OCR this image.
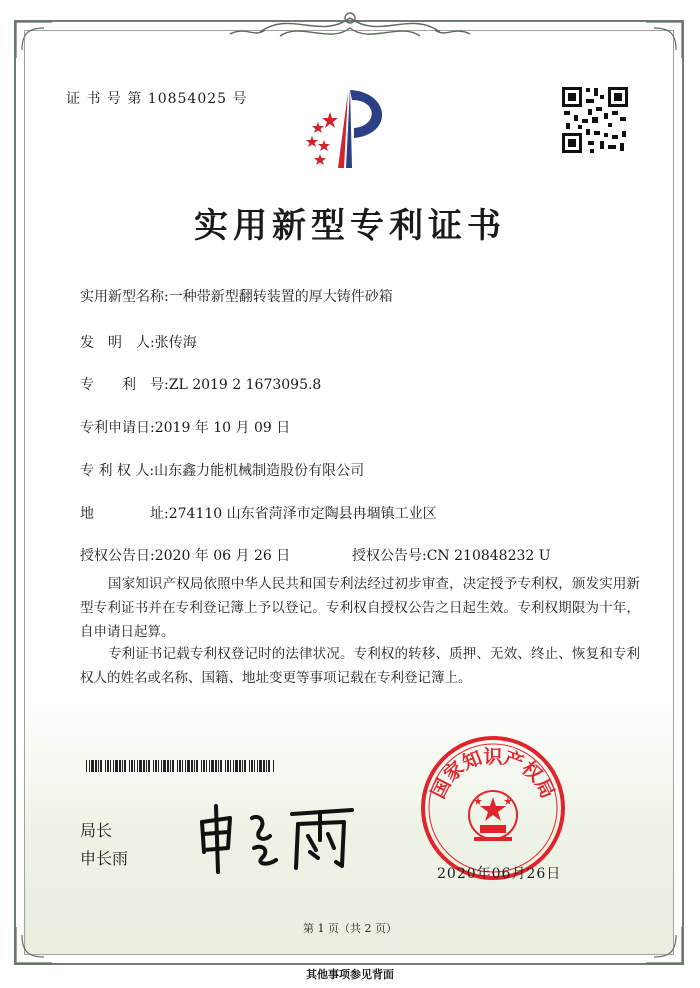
证 书 号 第 10854025 号
实用新型专利证书
实用新型名称:一种带新型翻转装置的厚大铸件砂箱
发　明　人:张传海
专　　利　号:ZL 2019 2 1673095.8
专利申请日:2019 年 10 月 09 日
专 利 权 人:山东鑫力能机械制造股份有限公司
地　　　　址:274110 山东省菏泽市定陶县冉堌镇工业区
授权公告日:2020 年 06 月 26 日	授权公告号:CN 210848232 U
国家知识产权局依照中华人民共和国专利法经过初步审查，决定授予专利权，颁发实用新型专利证书并在专利登记簿上予以登记。专利权自授权公告之日起生效。专利权期限为十年，自申请日起算。
专利证书记载专利权登记时的法律状况。专利权的转移、质押、无效、终止、恢复和专利权人的姓名或名称、国籍、地址变更等事项记载在专利登记簿上。
局长
申长雨
国家知识产权局
2020年06月26日
第 1 页（共 2 页）
其他事项参见背面
